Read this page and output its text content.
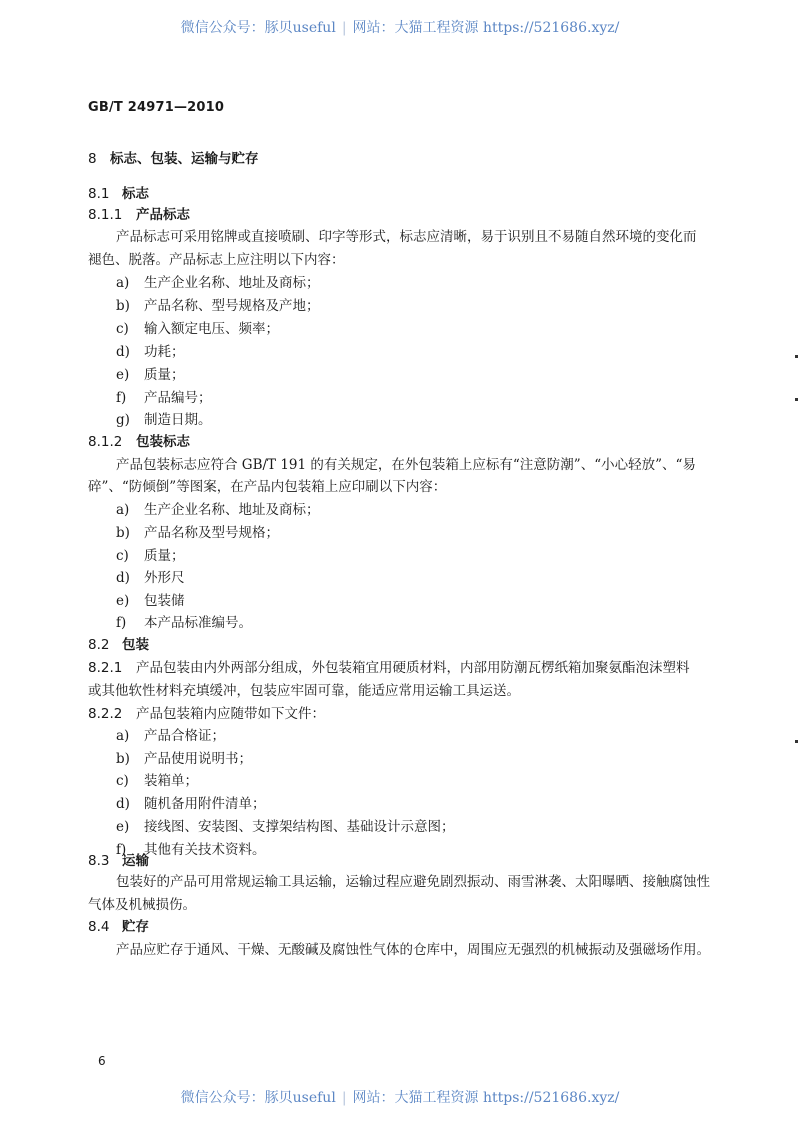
微信公众号：豚贝useful | 网站：大猫工程资源 https://521686.xyz/
GB/T 24971—2010
8 标志、包装、运输与贮存
8.1 标志
8.1.1 产品标志
产品标志可采用铭牌或直接喷刷、印字等形式，标志应清晰，易于识别且不易随自然环境的变化而
褪色、脱落。产品标志上应注明以下内容：
a) 生产企业名称、地址及商标；
b) 产品名称、型号规格及产地；
c) 输入额定电压、频率；
d) 功耗；
e) 质量；
f) 产品编号；
g) 制造日期。
8.1.2 包装标志
产品包装标志应符合 GB/T 191 的有关规定，在外包装箱上应标有“注意防潮”、“小心轻放”、“易
碎”、“防倾倒”等图案，在产品内包装箱上应印刷以下内容：
a) 生产企业名称、地址及商标；
b) 产品名称及型号规格；
c) 质量；
d) 外形尺
e) 包装储
f) 本产品标准编号。
8.2 包装
8.2.1 产品包装由内外两部分组成，外包装箱宜用硬质材料，内部用防潮瓦楞纸箱加聚氨酯泡沫塑料
或其他软性材料充填缓冲，包装应牢固可靠，能适应常用运输工具运送。
8.2.2 产品包装箱内应随带如下文件：
a) 产品合格证；
b) 产品使用说明书；
c) 装箱单；
d) 随机备用附件清单；
e) 接线图、安装图、支撑架结构图、基础设计示意图；
f) 其他有关技术资料。
8.3 运输
包装好的产品可用常规运输工具运输，运输过程应避免剧烈振动、雨雪淋袭、太阳曝晒、接触腐蚀性
气体及机械损伤。
8.4 贮存
产品应贮存于通风、干燥、无酸碱及腐蚀性气体的仓库中，周围应无强烈的机械振动及强磁场作用。
6
微信公众号：豚贝useful | 网站：大猫工程资源 https://521686.xyz/
